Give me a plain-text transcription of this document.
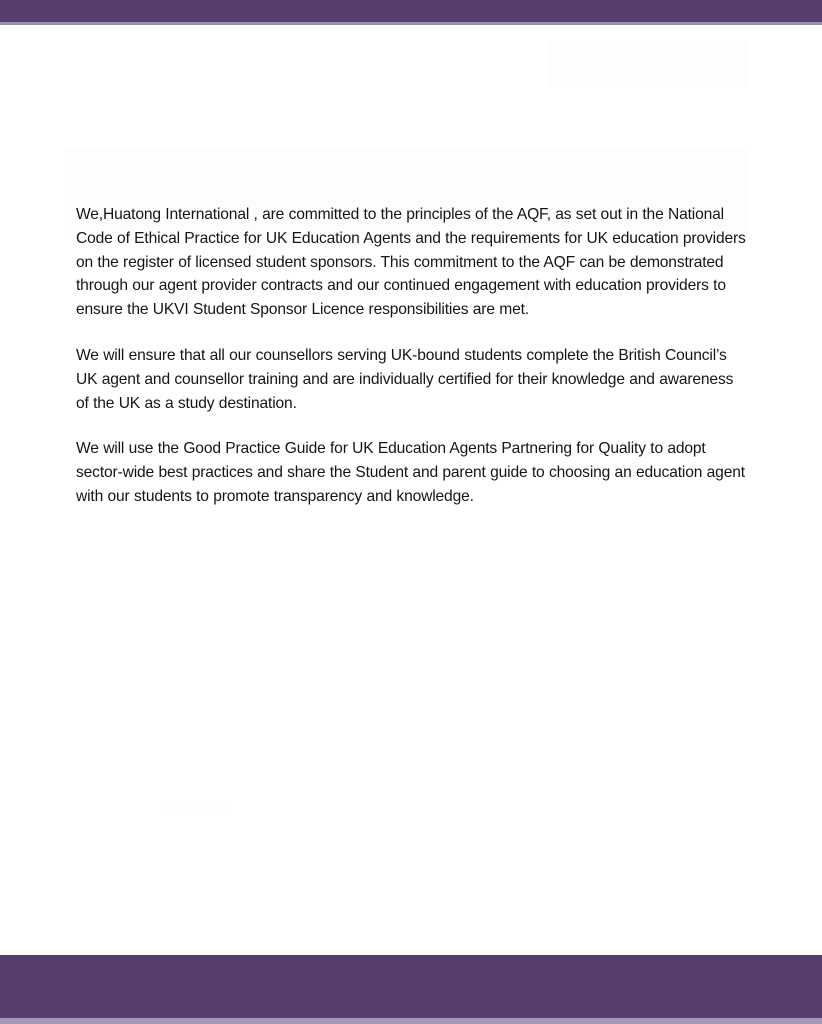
We,Huatong International , are committed to the principles of the AQF, as set out in the National Code of Ethical Practice for UK Education Agents and the requirements for UK education providers on the register of licensed student sponsors. This commitment to the AQF can be demonstrated through our agent provider contracts and our continued engagement with education providers to ensure the UKVI Student Sponsor Licence responsibilities are met.

We will ensure that all our counsellors serving UK-bound students complete the British Council’s UK agent and counsellor training and are individually certified for their knowledge and awareness of the UK as a study destination.

We will use the Good Practice Guide for UK Education Agents Partnering for Quality to adopt sector-wide best practices and share the Student and parent guide to choosing an education agent with our students to promote transparency and knowledge.
